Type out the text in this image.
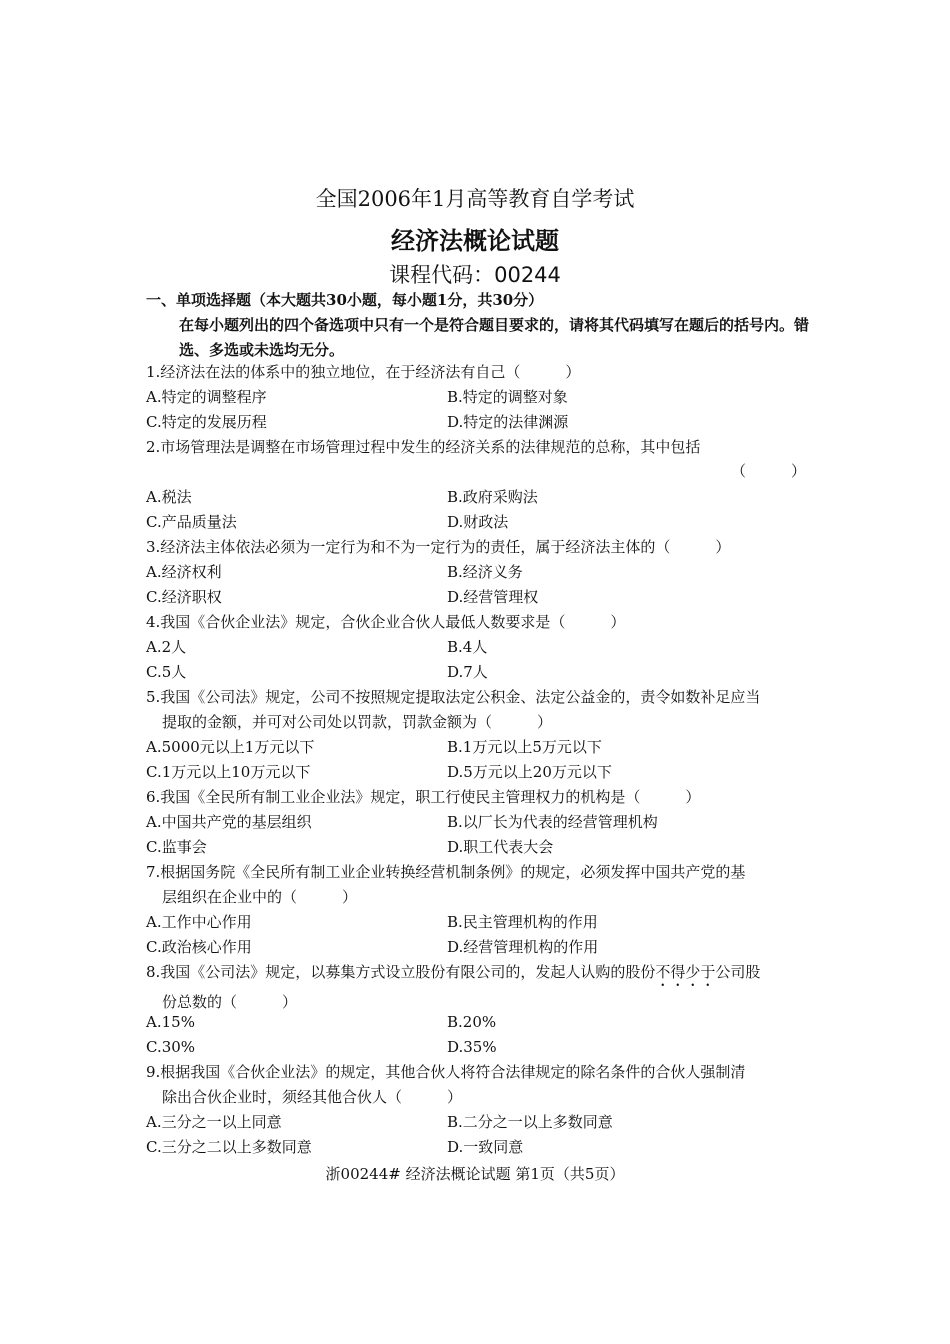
全国2006年1月高等教育自学考试
经济法概论试题
课程代码：00244
一、单项选择题（本大题共30小题，每小题1分，共30分）
在每小题列出的四个备选项中只有一个是符合题目要求的，请将其代码填写在题后的括号内。错选、多选或未选均无分。
1.经济法在法的体系中的独立地位，在于经济法有自己（　　　）
A.特定的调整程序	B.特定的调整对象
C.特定的发展历程	D.特定的法律渊源
2.市场管理法是调整在市场管理过程中发生的经济关系的法律规范的总称，其中包括
（　　　）
A.税法	B.政府采购法
C.产品质量法	D.财政法
3.经济法主体依法必须为一定行为和不为一定行为的责任，属于经济法主体的（　　　）
A.经济权利	B.经济义务
C.经济职权	D.经营管理权
4.我国《合伙企业法》规定，合伙企业合伙人最低人数要求是（　　　）
A.2人	B.4人
C.5人	D.7人
5.我国《公司法》规定，公司不按照规定提取法定公积金、法定公益金的，责令如数补足应当
提取的金额，并可对公司处以罚款，罚款金额为（　　　）
A.5000元以上1万元以下	B.1万元以上5万元以下
C.1万元以上10万元以下	D.5万元以上20万元以下
6.我国《全民所有制工业企业法》规定，职工行使民主管理权力的机构是（　　　）
A.中国共产党的基层组织	B.以厂长为代表的经营管理机构
C.监事会	D.职工代表大会
7.根据国务院《全民所有制工业企业转换经营机制条例》的规定，必须发挥中国共产党的基
层组织在企业中的（　　　）
A.工作中心作用	B.民主管理机构的作用
C.政治核心作用	D.经营管理机构的作用
8.我国《公司法》规定，以募集方式设立股份有限公司的，发起人认购的股份不得少于公司股
份总数的（　　　）
A.15%	B.20%
C.30%	D.35%
9.根据我国《合伙企业法》的规定，其他合伙人将符合法律规定的除名条件的合伙人强制清
除出合伙企业时，须经其他合伙人（　　　）
A.三分之一以上同意	B.二分之一以上多数同意
C.三分之二以上多数同意	D.一致同意
浙00244# 经济法概论试题 第1页（共5页）
